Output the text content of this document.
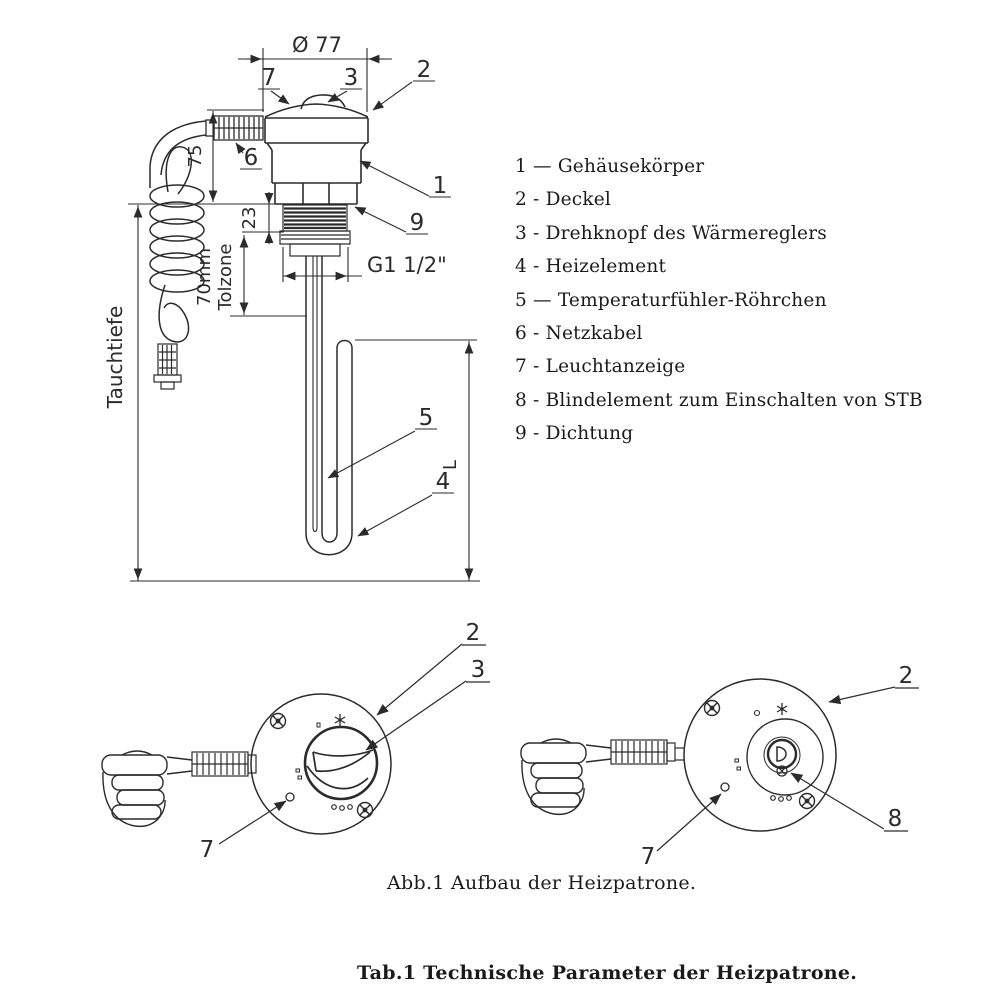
Ø 77
75
Tauchtiefe
23
70mm Tolzone	G1 1/2"
L
7	3	2
6
1
9
5
4
2
3
7
2
8
7
1 — Gehäusekörper
2 - Deckel
3 - Drehknopf des Wärmereglers
4 - Heizelement
5 — Temperaturfühler-Röhrchen
6 - Netzkabel
7 - Leuchtanzeige
8 - Blindelement zum Einschalten von STB
9 - Dichtung
Abb.1 Aufbau der Heizpatrone.
Tab.1 Technische Parameter der Heizpatrone.
